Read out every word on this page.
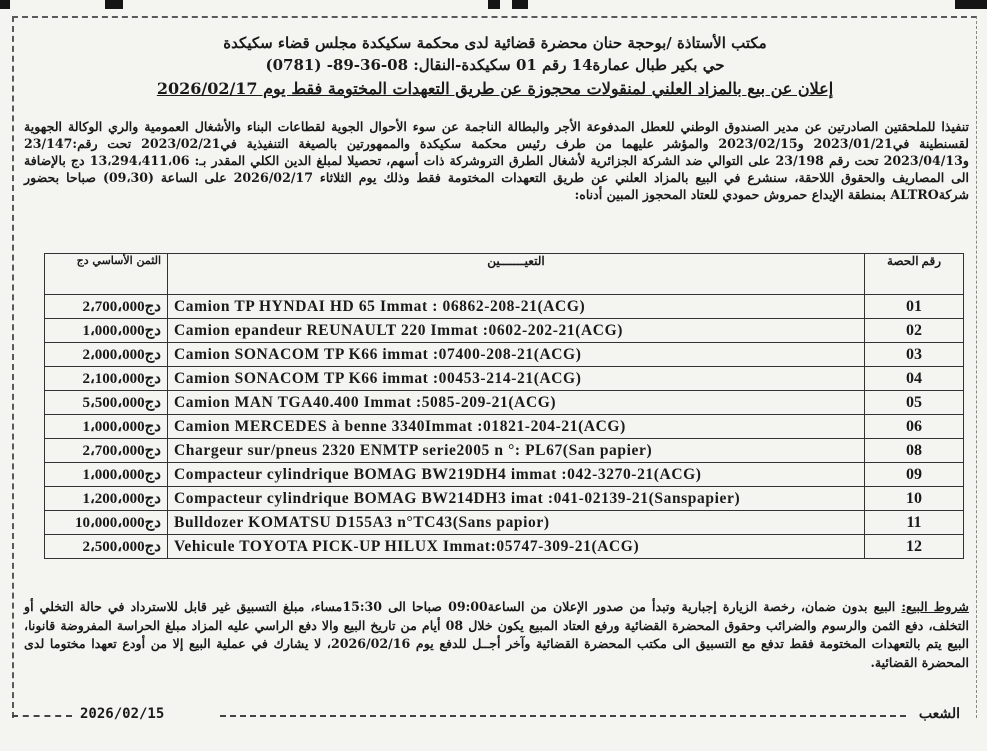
مكتب الأستاذة /بوحجة حنان محضرة قضائية لدى محكمة سكيكدة مجلس قضاء سكيكدة
حي بكير طبال عمارة14 رقم 01 سكيكدة-النقال: 08-36-89- (0781)
إعلان عن بيع بالمزاد العلني لمنقولات محجوزة عن طريق التعهدات المختومة فقط يوم 2026/02/17
تنفيذا للملحقتين الصادرتين عن مدير الصندوق الوطني للعطل المدفوعة الأجر والبطالة الناجمة عن سوء الأحوال الجوية لقطاعات البناء والأشغال العمومية والري الوكالة الجهوية لقسنطينة في2023/01/21 و2023/02/15 والمؤشر عليهما من طرف رئيس محكمة سكيكدة والممهورتين بالصيغة التنفيذية في2023/02/21 تحت رقم:23/147 و2023/04/13 تحت رقم 23/198 على التوالي ضد الشركة الجزائرية لأشغال الطرق التروشركة ذات أسهم، تحصيلا لمبلغ الدين الكلي المقدر بـ: 13،294،411،06 دج بالإضافة الى المصاريف والحقوق اللاحقة، سنشرع في البيع بالمزاد العلني عن طريق التعهدات المختومة فقط وذلك يوم الثلاثاء 2026/02/17 على الساعة (09،30) صباحا بحضور شركةALTRO بمنطقة الإيداع حمروش حمودي للعتاد المحجوز المبين أدناه:
رقم الحصة	التعيـــــــين	الثمن الأساسي دج
01	Camion TP HYNDAI HD 65 Immat : 06862-208-21(ACG)	2،700،000دج
02	Camion epandeur REUNAULT 220 Immat :0602-202-21(ACG)	1،000،000دج
03	Camion SONACOM TP K66 immat :07400-208-21(ACG)	2،000،000دج
04	Camion SONACOM TP K66 immat :00453-214-21(ACG)	2،100،000دج
05	Camion MAN TGA40.400 Immat :5085-209-21(ACG)	5،500،000دج
06	Camion MERCEDES à benne 3340Immat :01821-204-21(ACG)	1،000،000دج
08	Chargeur sur/pneus 2320 ENMTP serie2005 n °: PL67(San papier)	2،700،000دج
09	Compacteur cylindrique BOMAG BW219DH4 immat :042-3270-21(ACG)	1،000،000دج
10	Compacteur cylindrique BOMAG BW214DH3 imat :041-02139-21(Sanspapier)	1،200،000دج
11	Bulldozer KOMATSU D155A3 n°TC43(Sans papior)	10،000،000دج
12	Vehicule TOYOTA PICK-UP HILUX Immat:05747-309-21(ACG)	2،500،000دج
شروط البيع: البيع بدون ضمان، رخصة الزيارة إجبارية وتبدأ من صدور الإعلان من الساعة09:00 صباحا الى 15:30مساء، مبلغ التسبيق غير قابل للاسترداد في حالة التخلي أو التخلف، دفع الثمن والرسوم والضرائب وحقوق المحضرة القضائية ورفع العتاد المبيع يكون خلال 08 أيام من تاريخ البيع والا دفع الراسي عليه المزاد مبلغ الحراسة المفروضة قانونا، البيع يتم بالتعهدات المختومة فقط تدفع مع التسبيق الى مكتب المحضرة القضائية وآخر أجــل للدفع يوم 2026/02/16، لا يشارك في عملية البيع إلا من أودع تعهدا مختوما لدى المحضرة القضائية.
الشعب
2026/02/15
